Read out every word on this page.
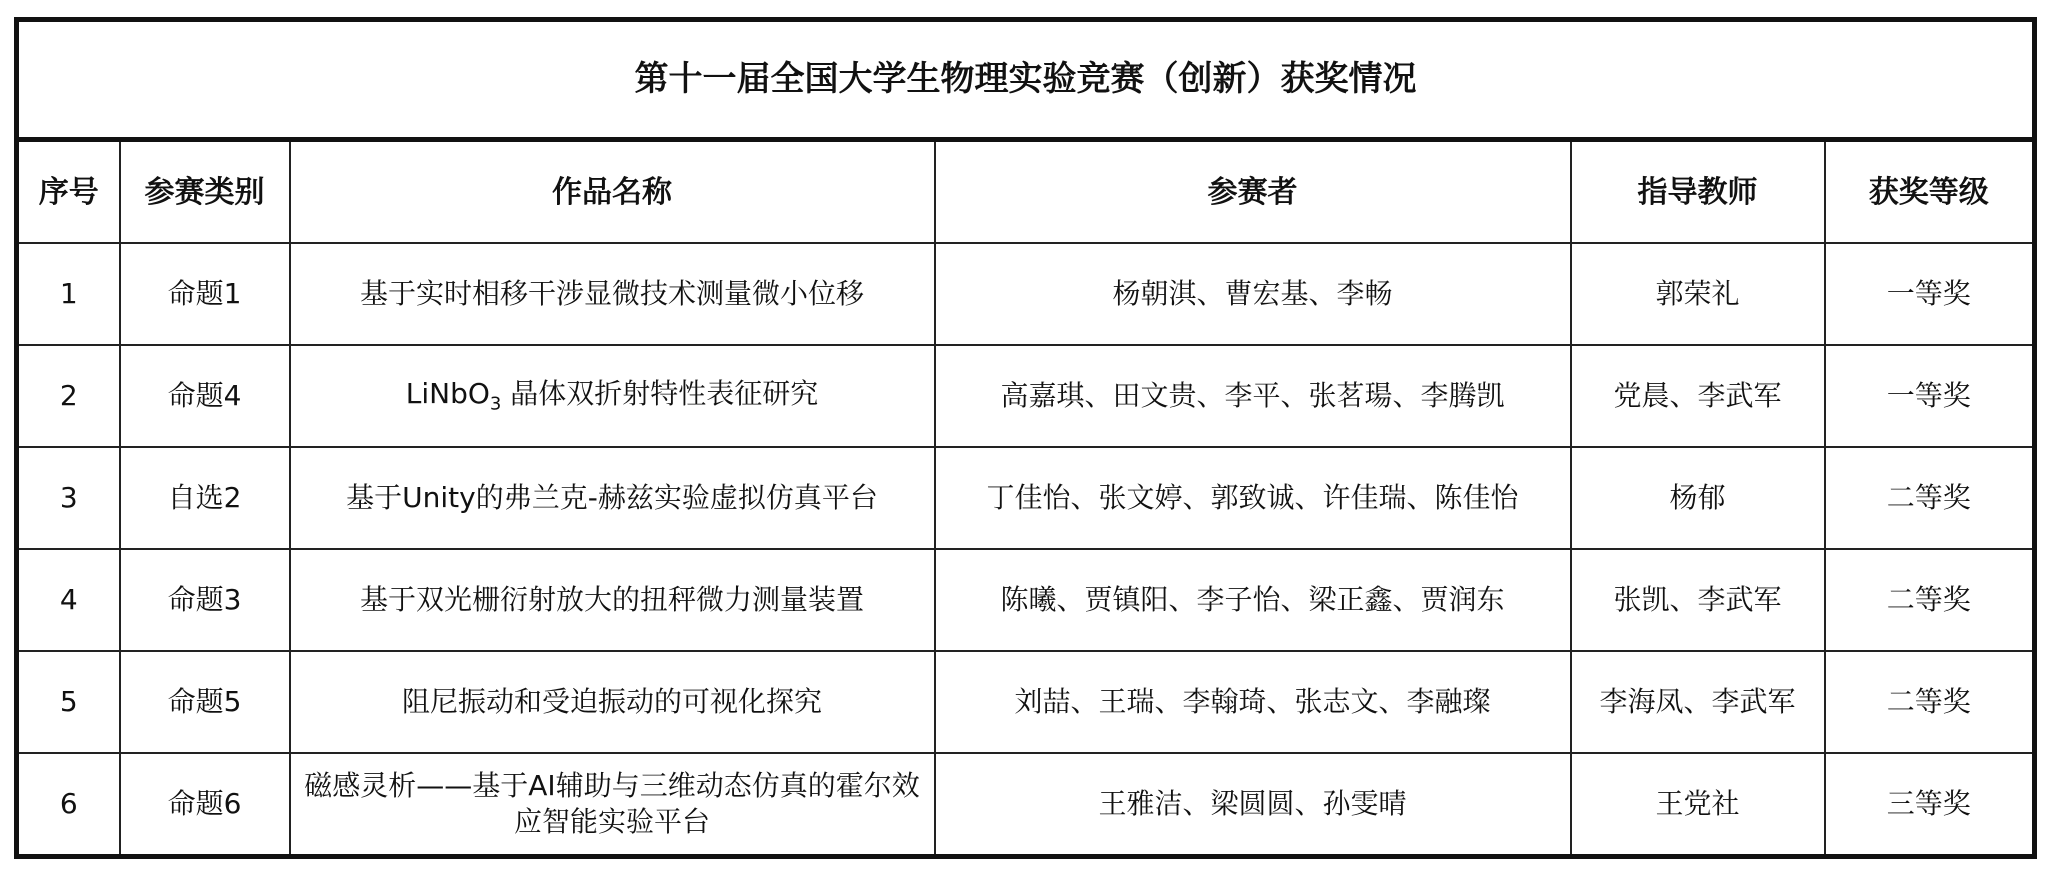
第十一届全国大学生物理实验竞赛（创新）获奖情况					
序号	参赛类别	作品名称	参赛者	指导教师	获奖等级
1	命题1	基于实时相移干涉显微技术测量微小位移	杨朝淇、曹宏基、李畅	郭荣礼	一等奖
2	命题4	LiNbO$_3$ 晶体双折射特性表征研究	高嘉琪、田文贵、李平、张茗瑒、李腾凯	党晨、李武军	一等奖
3	自选2	基于Unity的弗兰克-赫兹实验虚拟仿真平台	丁佳怡、张文婷、郭致诚、许佳瑞、陈佳怡	杨郁	二等奖
4	命题3	基于双光栅衍射放大的扭秤微力测量装置	陈曦、贾镇阳、李子怡、梁正鑫、贾润东	张凯、李武军	二等奖
5	命题5	阻尼振动和受迫振动的可视化探究	刘喆、王瑞、李翰琦、张志文、李融璨	李海凤、李武军	二等奖
6	命题6	磁感灵析——基于AI辅助与三维动态仿真的霍尔效应智能实验平台	王雅洁、梁圆圆、孙雯晴	王党社	三等奖
